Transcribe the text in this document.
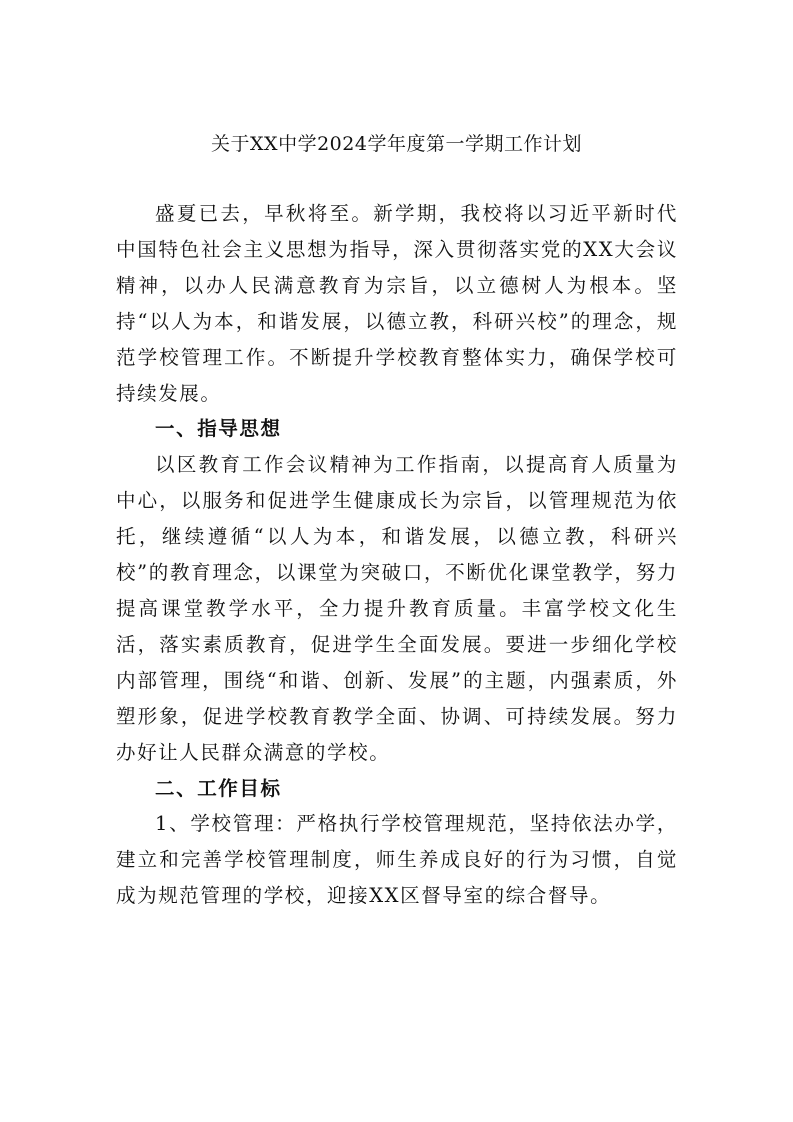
关于XX中学2024学年度第一学期工作计划

盛夏已去，早秋将至。新学期，我校将以习近平新时代中国特色社会主义思想为指导，深入贯彻落实党的XX大会议精神，以办人民满意教育为宗旨，以立德树人为根本。坚持“以人为本，和谐发展，以德立教，科研兴校”的理念，规范学校管理工作。不断提升学校教育整体实力，确保学校可持续发展。

一、指导思想

以区教育工作会议精神为工作指南，以提高育人质量为中心，以服务和促进学生健康成长为宗旨，以管理规范为依托，继续遵循“以人为本，和谐发展，以德立教，科研兴校”的教育理念，以课堂为突破口，不断优化课堂教学，努力提高课堂教学水平，全力提升教育质量。丰富学校文化生活，落实素质教育，促进学生全面发展。要进一步细化学校内部管理，围绕“和谐、创新、发展”的主题，内强素质，外塑形象，促进学校教育教学全面、协调、可持续发展。努力办好让人民群众满意的学校。

二、工作目标

1、学校管理：严格执行学校管理规范，坚持依法办学，建立和完善学校管理制度，师生养成良好的行为习惯，自觉成为规范管理的学校，迎接XX区督导室的综合督导。
